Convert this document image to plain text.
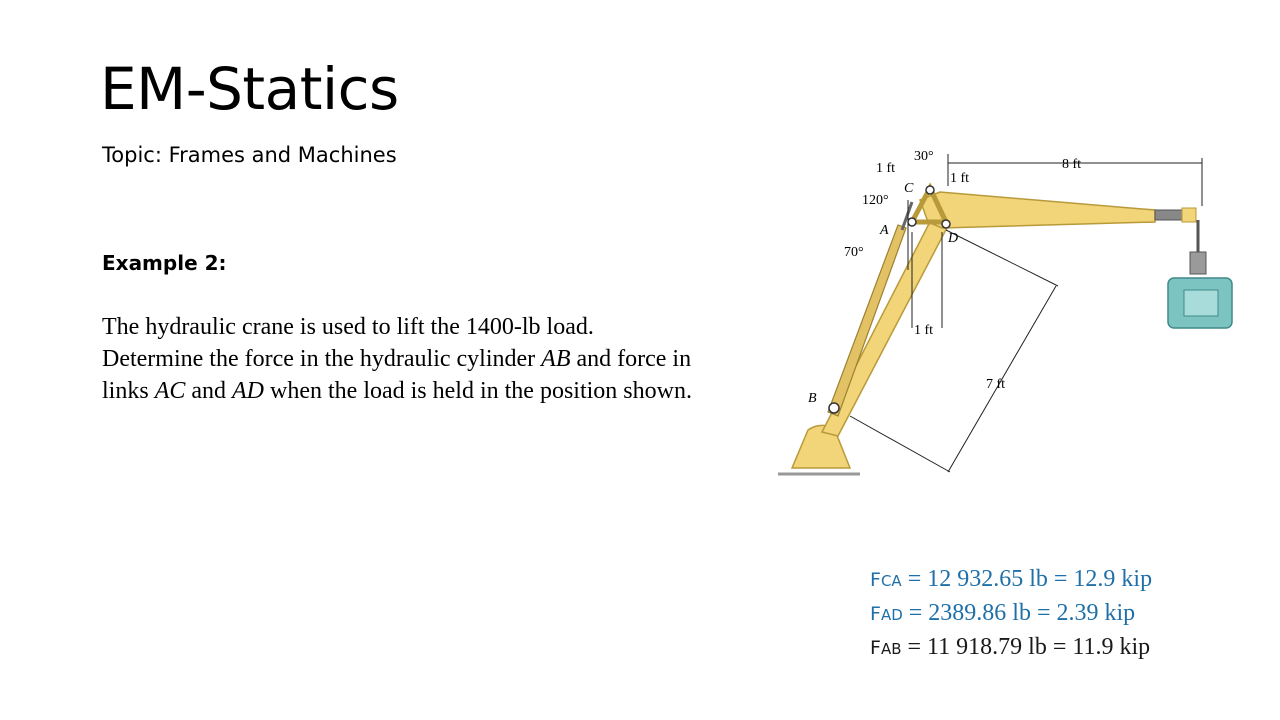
EM-Statics

Topic: Frames and Machines

Example 2:

The hydraulic crane is used to lift the 1400-lb load. Determine the force in the hydraulic cylinder AB and force in links AC and AD when the load is held in the position shown.

30°
1 ft
1 ft
8 ft
120°
C
A
D
70°
1 ft
7 ft
B
FCA = 12 932.65 lb = 12.9 kip
FAD = 2389.86 lb = 2.39 kip
FAB = 11 918.79 lb = 11.9 kip
